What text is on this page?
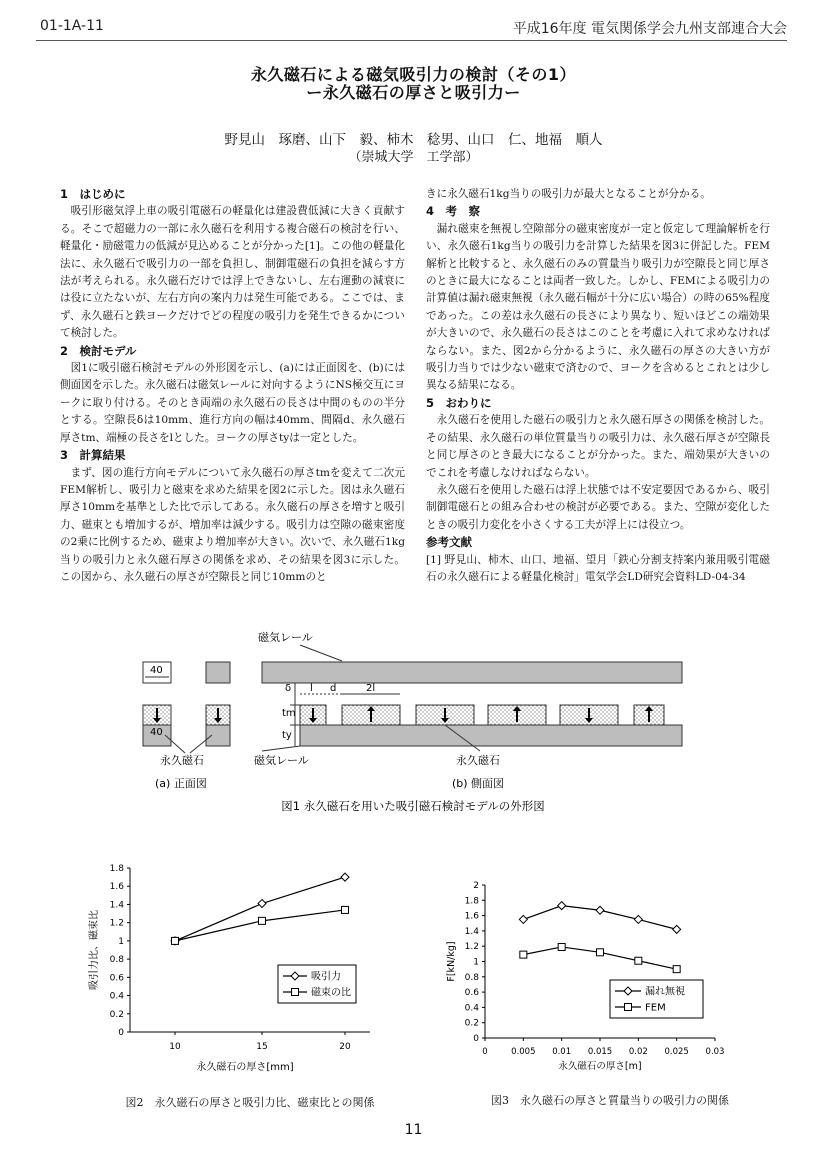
01-1A-11	平成16年度 電気関係学会九州支部連合大会
永久磁石による磁気吸引力の検討（その1）
ー永久磁石の厚さと吸引力ー
野見山　琢磨、山下　毅、柿木　稔男、山口　仁、地福　順人
（崇城大学　工学部）
1　はじめに

吸引形磁気浮上車の吸引電磁石の軽量化は建設費低減に大きく貢献する。そこで超磁力の一部に永久磁石を利用する複合磁石の検討を行い、軽量化・励磁電力の低減が見込めることが分かった[1]。この他の軽量化法に、永久磁石で吸引力の一部を負担し、制御電磁石の負担を減らす方法が考えられる。永久磁石だけでは浮上できないし、左右運動の減衰には役に立たないが、左右方向の案内力は発生可能である。ここでは、まず、永久磁石と鉄ヨークだけでどの程度の吸引力を発生できるかについて検討した。

2　検討モデル

図1に吸引磁石検討モデルの外形図を示し、(a)には正面図を、(b)には側面図を示した。永久磁石は磁気レールに対向するようにNS極交互にヨークに取り付ける。そのとき両端の永久磁石の長さは中間のものの半分とする。空隙長δは10mm、進行方向の幅は40mm、間隔d、永久磁石厚さtm、端極の長さをlとした。ヨークの厚さtyは一定とした。

3　計算結果

まず、図の進行方向モデルについて永久磁石の厚さtmを変えて二次元FEM解析し、吸引力と磁束を求めた結果を図2に示した。図は永久磁石厚さ10mmを基準とした比で示してある。永久磁石の厚さを増すと吸引力、磁束とも増加するが、増加率は減少する。吸引力は空隙の磁束密度の2乗に比例するため、磁束より増加率が大きい。次いで、永久磁石1kg当りの吸引力と永久磁石厚さの関係を求め、その結果を図3に示した。この図から、永久磁石の厚さが空隙長と同じ10mmのと

きに永久磁石1kg当りの吸引力が最大となることが分かる。

4　考　察

漏れ磁束を無視し空隙部分の磁束密度が一定と仮定して理論解析を行い、永久磁石1kg当りの吸引力を計算した結果を図3に併記した。FEM解析と比較すると、永久磁石のみの質量当り吸引力が空隙長と同じ厚さのときに最大になることは両者一致した。しかし、FEMによる吸引力の計算値は漏れ磁束無視（永久磁石幅が十分に広い場合）の時の65%程度であった。この差は永久磁石の長さにより異なり、短いほどこの端効果が大きいので、永久磁石の長さはこのことを考慮に入れて求めなければならない。また、図2から分かるように、永久磁石の厚さの大きい方が吸引力当りでは少ない磁束で済むので、ヨークを含めるとこれとは少し異なる結果になる。

5　おわりに

永久磁石を使用した磁石の吸引力と永久磁石厚さの関係を検討した。その結果、永久磁石の単位質量当りの吸引力は、永久磁石厚さが空隙長と同じ厚さのとき最大になることが分かった。また、端効果が大きいのでこれを考慮しなければならない。

永久磁石を使用した磁石は浮上状態では不安定要因であるから、吸引制御電磁石との組み合わせの検討が必要である。また、空隙が変化したときの吸引力変化を小さくする工夫が浮上には役立つ。

参考文献

[1] 野見山、柿木、山口、地福、望月「鉄心分割支持案内兼用吸引電磁石の永久磁石による軽量化検討」電気学会LD研究会資料LD-04-34

40
40
永久磁石
(a) 正面図
磁気レール
δ l d	2l
tm
ty
磁気レール	永久磁石
(b) 側面図
図1 永久磁石を用いた吸引磁石検討モデルの外形図
0
0.2
0.4
0.6
0.8
1
1.2
1.4
1.6
1.8
10	15	20
永久磁石の厚さ[mm]
吸引力比、磁束比	吸引力
磁束の比
図2　永久磁石の厚さと吸引力比、磁束比との関係
0
0.2
0.4
0.6
0.8
1
1.2
1.4
1.6
1.8
2
0	0.005 0.01 0.015 0.02 0.025 0.03
永久磁石の厚さ[m]
F[kN/kg]
漏れ無視
FEM
図3　永久磁石の厚さと質量当りの吸引力の関係
11
